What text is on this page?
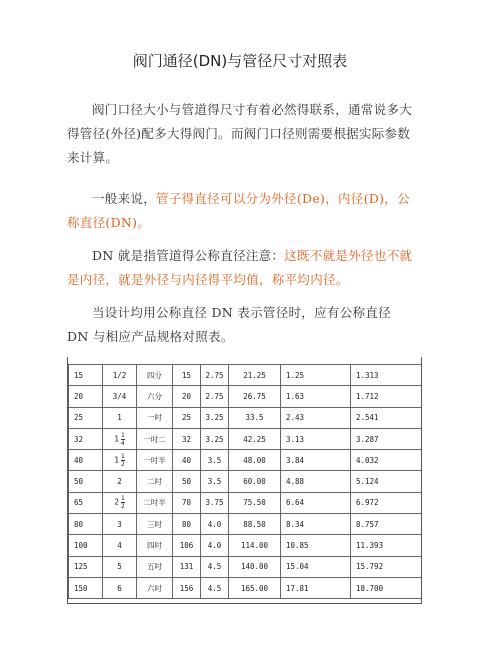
阀门通径(DN)与管径尺寸对照表

阀门口径大小与管道得尺寸有着必然得联系，通常说多大得管径(外径)配多大得阀门。而阀门口径则需要根据实际参数来计算。

一般来说，管子得直径可以分为外径(De)，内径(D)，公称直径(DN)。

DN 就是指管道得公称直径注意：这既不就是外径也不就是内径，就是外径与内径得平均值，称平均内径。

当设计均用公称直径 DN 表示管径时，应有公称直径 DN 与相应产品规格对照表。

15	1/2	四分	15	2.75	21.25	1.25	1.313
20	3/4	六分	20	2.75	26.75	1.63	1.712
25	1	一吋	25	3.25	33.5	2.43	2.541
32	$1 \frac{1}{4}$	一吋二	32	3.25	42.25	3.13	3.287
40	$1 \frac{1}{2}$	一吋半	40	3.5	48.00	3.84	4.032
50	2	二吋	50	3.5	60.00	4.88	5.124
65	$2 \frac{1}{2}$	二吋半	70	3.75	75.50	6.64	6.972
80	3	三吋	80	4.0	88.50	8.34	8.757
100	4	四吋	106	4.0	114.00	10.85	11.393
125	5	五吋	131	4.5	140.00	15.04	15.792
150	6	六吋	156	4.5	165.00	17.81	18.700
